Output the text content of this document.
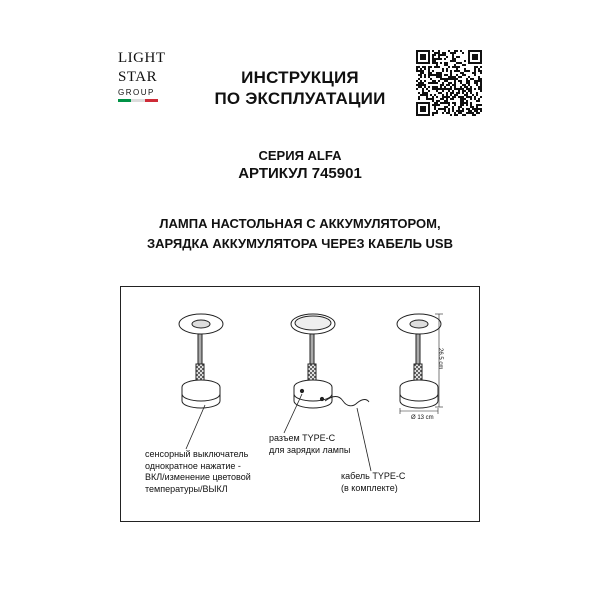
LIGHT
STAR
GROUP
ИНСТРУКЦИЯ
ПО ЭКСПЛУАТАЦИИ
СЕРИЯ ALFA
АРТИКУЛ 745901
ЛАМПА НАСТОЛЬНАЯ С АККУМУЛЯТОРОМ,
ЗАРЯДКА АККУМУЛЯТОРА ЧЕРЕЗ КАБЕЛЬ USB
26.5 cm
Ø 13 cm
сенсорный выключатель
однократное нажатие -
ВКЛ/изменение цветовой
температуры/ВЫКЛ
разъем TYPE-C
для зарядки лампы
кабель TYPE-C
(в комплекте)
